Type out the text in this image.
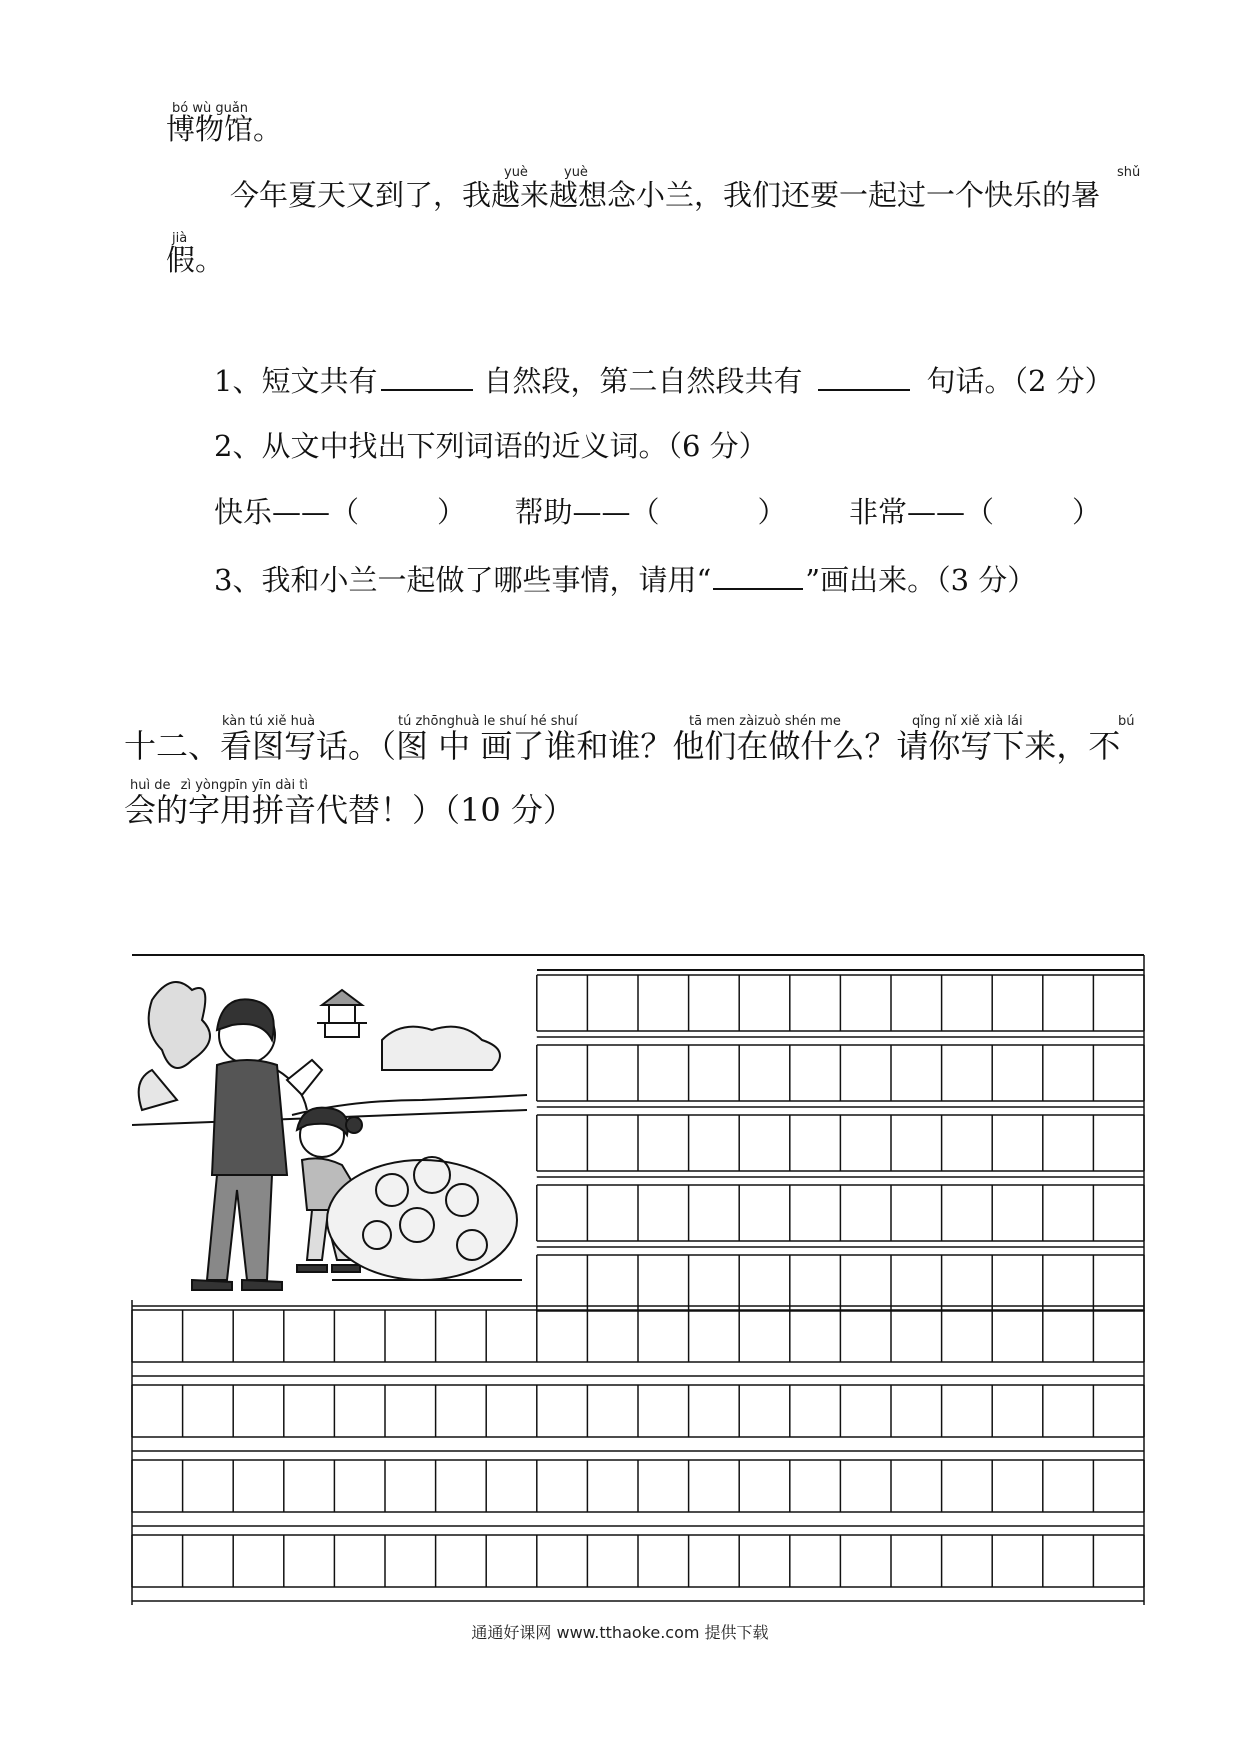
bó wù guǎn
博物馆。
yuè	yuè	shǔ
今年夏天又到了，我越来越想念小兰，我们还要一起过一个快乐的暑
jià
假。
1、短文共有	自然段，第二自然段共有	句话。（2 分）
2、从文中找出下列词语的近义词。（6 分）
快乐——（	） 帮助——（	） 非常——（	）
3、我和小兰一起做了哪些事情，请用“	”画出来。（3 分）
kàn tú xiě huà	tú zhōnghuà le shuí hé shuí	tā men zàizuò shén me	qǐng nǐ xiě xià lái	bú
十二、看图写话。（图 中 画了谁和谁？他们在做什么？请你写下来，不
huì de zì yòngpīn yīn dài tì
会的字用拼音代替！）（10 分）
通通好课网 www.tthaoke.com 提供下载
